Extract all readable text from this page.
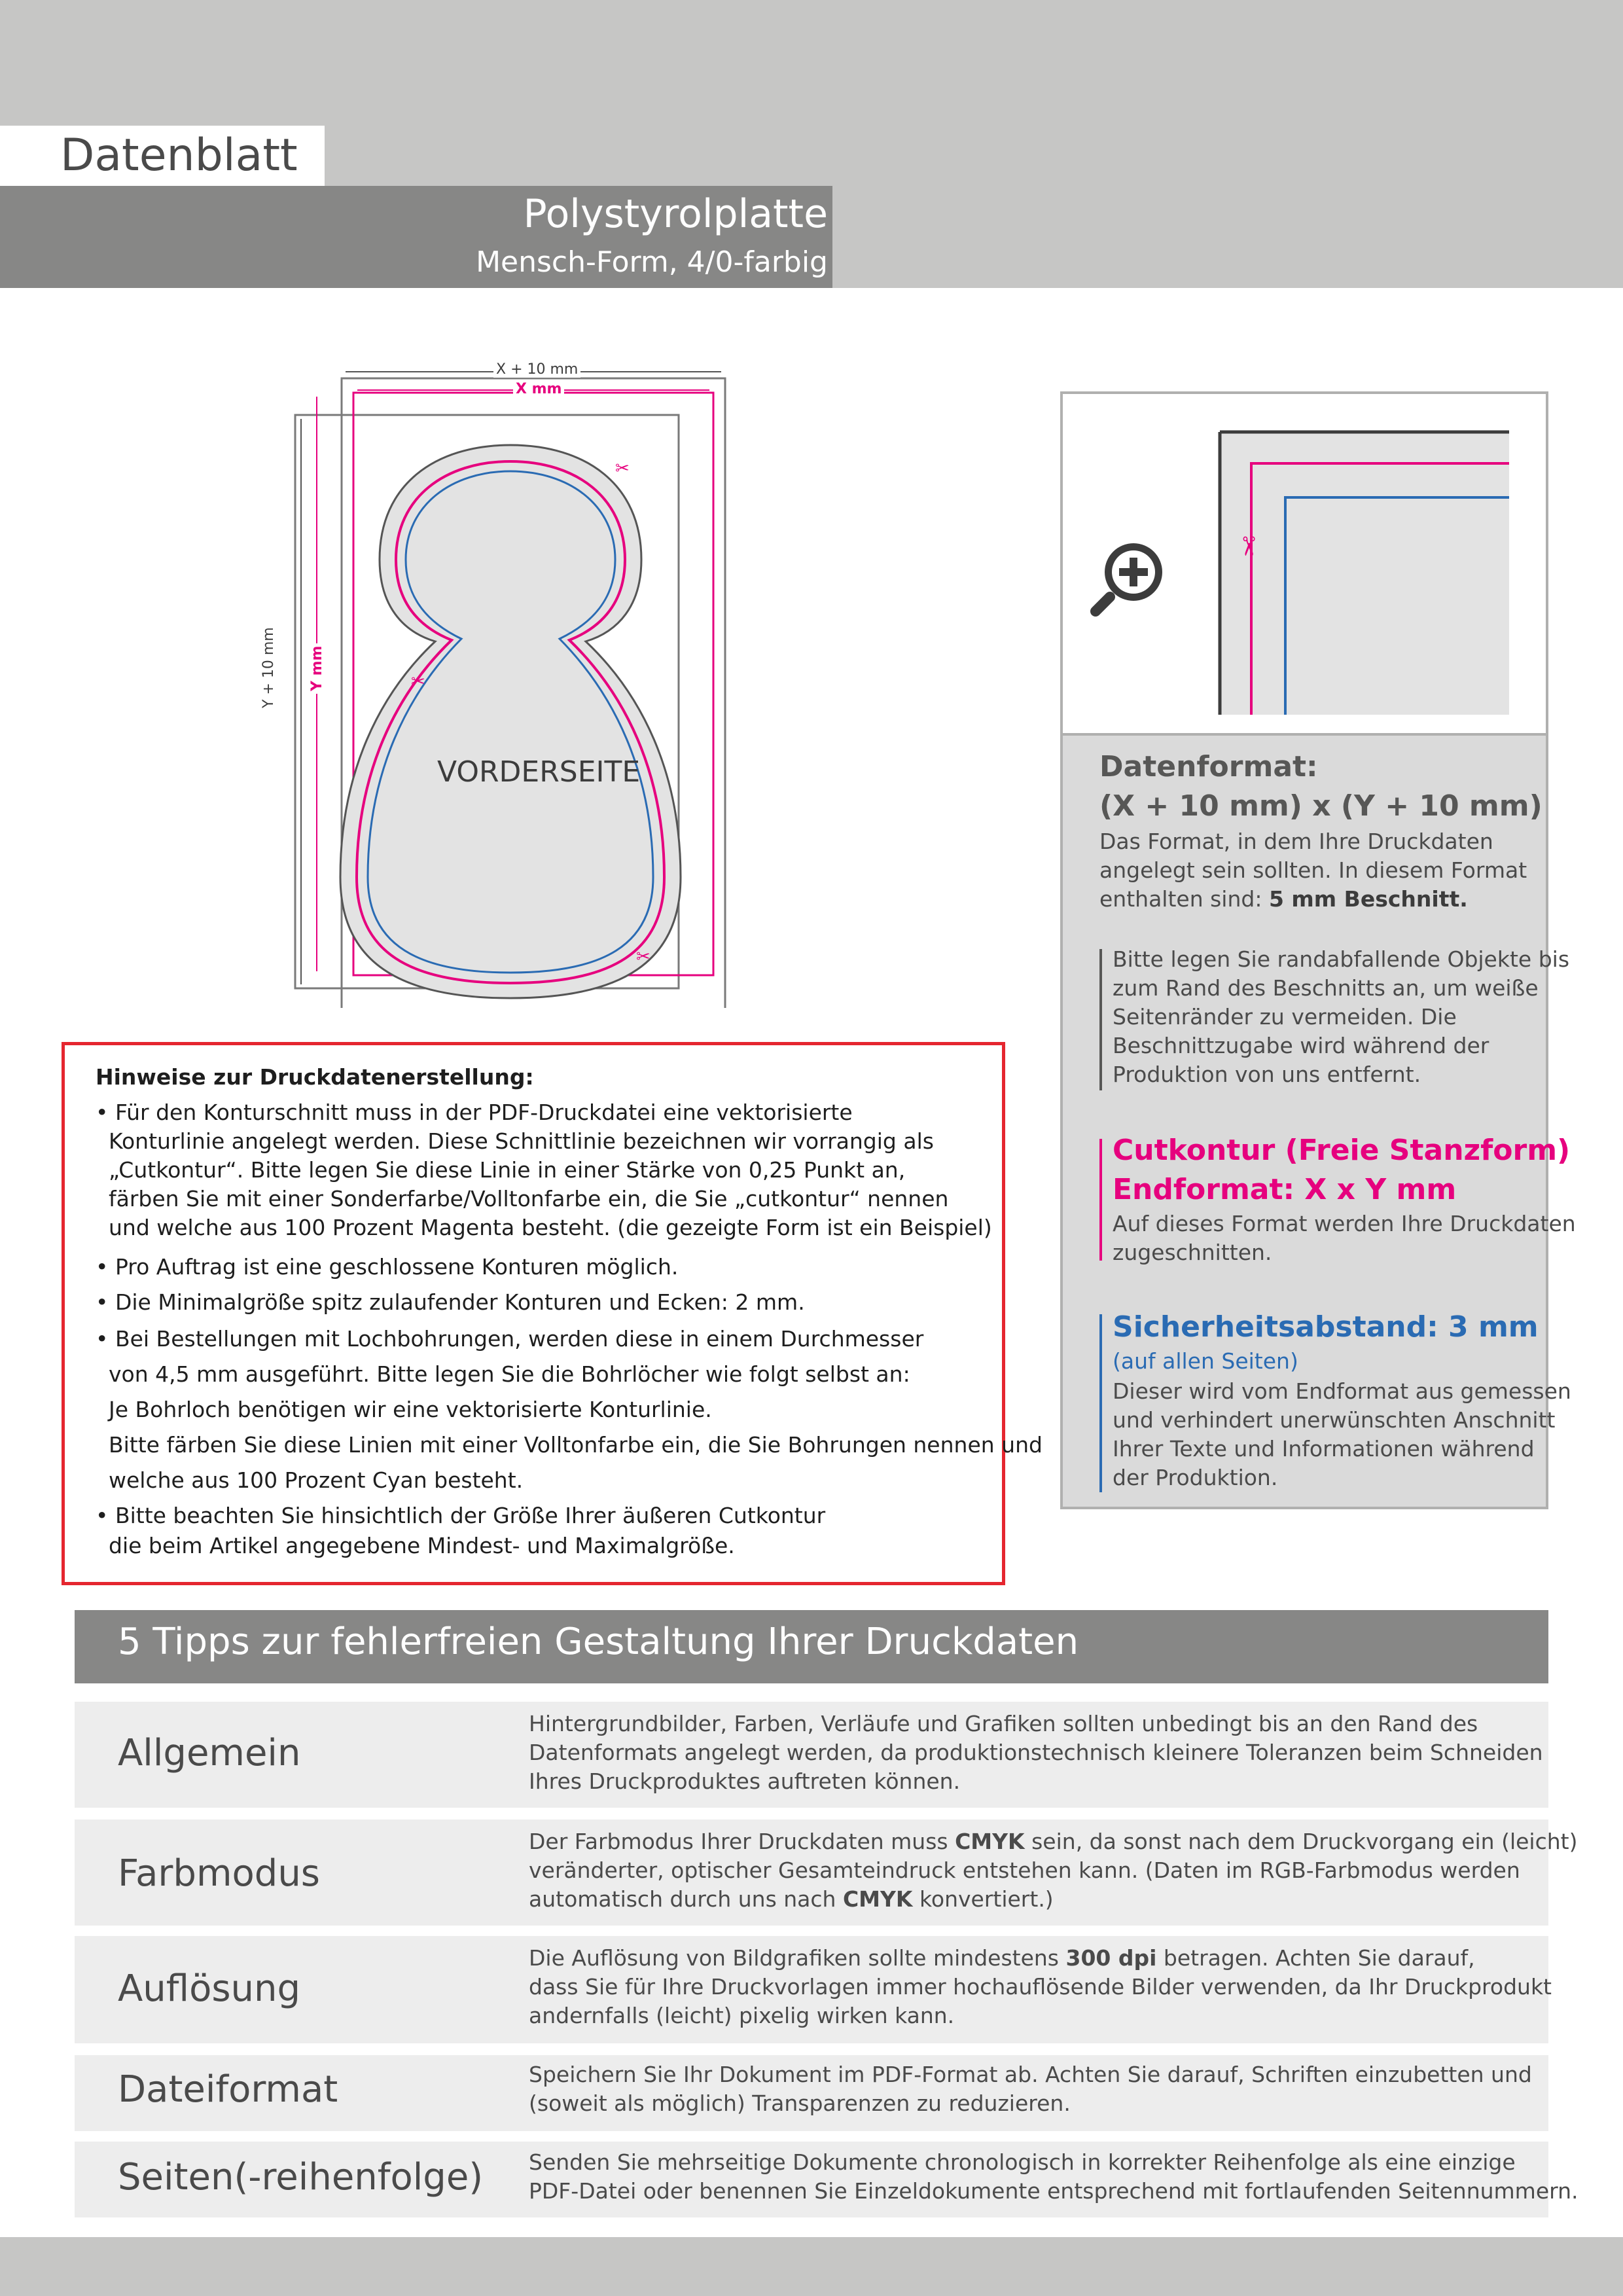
Datenblatt
Polystyrolplatte
Mensch-Form, 4/0-farbig
✂
✂
✂
X + 10 mm
X mm
Y + 10 mm Y mm
VORDERSEITE
Hinweise zur Druckdatenerstellung:
• Für den Konturschnitt muss in der PDF-Druckdatei eine vektorisierte
Konturlinie angelegt werden. Diese Schnittlinie bezeichnen wir vorrangig als
„Cutkontur“. Bitte legen Sie diese Linie in einer Stärke von 0,25 Punkt an,
färben Sie mit einer Sonderfarbe/Volltonfarbe ein, die Sie „cutkontur“ nennen
und welche aus 100 Prozent Magenta besteht. (die gezeigte Form ist ein Beispiel)
• Pro Auftrag ist eine geschlossene Konturen möglich.
• Die Minimalgröße spitz zulaufender Konturen und Ecken: 2 mm.
• Bei Bestellungen mit Lochbohrungen, werden diese in einem Durchmesser
von 4,5 mm ausgeführt. Bitte legen Sie die Bohrlöcher wie folgt selbst an:
Je Bohrloch benötigen wir eine vektorisierte Konturlinie.
Bitte färben Sie diese Linien mit einer Volltonfarbe ein, die Sie Bohrungen nennen und
welche aus 100 Prozent Cyan besteht.
• Bitte beachten Sie hinsichtlich der Größe Ihrer äußeren Cutkontur
die beim Artikel angegebene Mindest- und Maximalgröße.
✂
Datenformat:
(X + 10 mm) x (Y + 10 mm)
Das Format, in dem Ihre Druckdaten
angelegt sein sollten. In diesem Format
enthalten sind: 5 mm Beschnitt.
Bitte legen Sie randabfallende Objekte bis
zum Rand des Beschnitts an, um weiße
Seitenränder zu vermeiden. Die
Beschnittzugabe wird während der
Produktion von uns entfernt.
Cutkontur (Freie Stanzform)
Endformat: X x Y mm
Auf dieses Format werden Ihre Druckdaten
zugeschnitten.
Sicherheitsabstand: 3 mm
(auf allen Seiten)
Dieser wird vom Endformat aus gemessen
und verhindert unerwünschten Anschnitt
Ihrer Texte und Informationen während
der Produktion.
5 Tipps zur fehlerfreien Gestaltung Ihrer Druckdaten
Allgemein
Hintergrundbilder, Farben, Verläufe und Grafiken sollten unbedingt bis an den Rand des
Datenformats angelegt werden, da produktionstechnisch kleinere Toleranzen beim Schneiden
Ihres Druckproduktes auftreten können.
Farbmodus
Der Farbmodus Ihrer Druckdaten muss CMYK sein, da sonst nach dem Druckvorgang ein (leicht)
veränderter, optischer Gesamteindruck entstehen kann. (Daten im RGB-Farbmodus werden
automatisch durch uns nach CMYK konvertiert.)
Auflösung
Die Auflösung von Bildgrafiken sollte mindestens 300 dpi betragen. Achten Sie darauf,
dass Sie für Ihre Druckvorlagen immer hochauflösende Bilder verwenden, da Ihr Druckprodukt
andernfalls (leicht) pixelig wirken kann.
Dateiformat	Speichern Sie Ihr Dokument im PDF-Format ab. Achten Sie darauf, Schriften einzubetten und
(soweit als möglich) Transparenzen zu reduzieren.
Seiten(-reihenfolge) Senden Sie mehrseitige Dokumente chronologisch in korrekter Reihenfolge als eine einzige
PDF-Datei oder benennen Sie Einzeldokumente entsprechend mit fortlaufenden Seitennummern.
